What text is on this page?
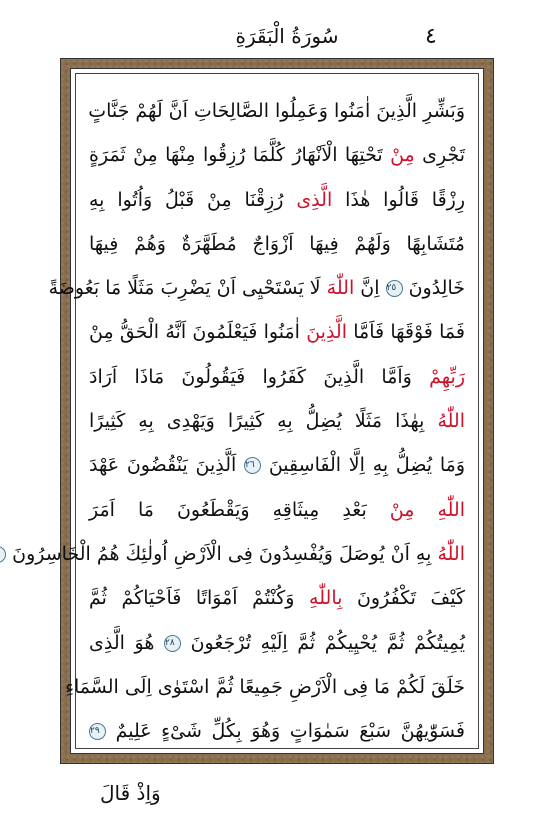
٤
سُورَةُ الْبَقَرَةِ
وَبَشِّرِ الَّذِينَ اٰمَنُوا وَعَمِلُوا الصَّالِحَاتِ اَنَّ لَهُمْ جَنَّاتٍ
تَجْرِى مِنْ تَحْتِهَا الْاَنْهَارُ كُلَّمَا رُزِقُوا مِنْهَا مِنْ ثَمَرَةٍ
رِزْقًا قَالُوا هٰذَا الَّذِى رُزِقْنَا مِنْ قَبْلُ وَاُتُوا بِهِ
مُتَشَابِهًا وَلَهُمْ فِيهَا اَزْوَاجٌ مُطَهَّرَةٌ وَهُمْ فِيهَا
خَالِدُونَ ٢٥ اِنَّ اللّٰهَ لَا يَسْتَحْيِى اَنْ يَضْرِبَ مَثَلًا مَا بَعُوضَةً
فَمَا فَوْقَهَا فَاَمَّا الَّذِينَ اٰمَنُوا فَيَعْلَمُونَ اَنَّهُ الْحَقُّ مِنْ
رَبِّهِمْ وَاَمَّا الَّذِينَ كَفَرُوا فَيَقُولُونَ مَاذَا اَرَادَ
اللّٰهُ بِهٰذَا مَثَلًا يُضِلُّ بِهِ كَثِيرًا وَيَهْدِى بِهِ كَثِيرًا
وَمَا يُضِلُّ بِهِ اِلَّا الْفَاسِقِينَ ٢٦ اَلَّذِينَ يَنْقُضُونَ عَهْدَ
اللّٰهِ مِنْ بَعْدِ مِيثَاقِهِ وَيَقْطَعُونَ مَا اَمَرَ
اللّٰهُ بِهِ اَنْ يُوصَلَ وَيُفْسِدُونَ فِى الْاَرْضِ اُولٰئِكَ هُمُ الْخَاسِرُونَ
كَيْفَ تَكْفُرُونَ بِاللّٰهِ وَكُنْتُمْ اَمْوَاتًا فَاَحْيَاكُمْ ثُمَّ
يُمِيتُكُمْ ثُمَّ يُحْيِيكُمْ ثُمَّ اِلَيْهِ تُرْجَعُونَ ٢٨ هُوَ الَّذِى
خَلَقَ لَكُمْ مَا فِى الْاَرْضِ جَمِيعًا ثُمَّ اسْتَوٰى اِلَى السَّمَاءِ
فَسَوّٰيهُنَّ سَبْعَ سَمٰوَاتٍ وَهُوَ بِكُلِّ شَىْءٍ عَلِيمٌ ٢٩
وَاِذْ قَالَ
